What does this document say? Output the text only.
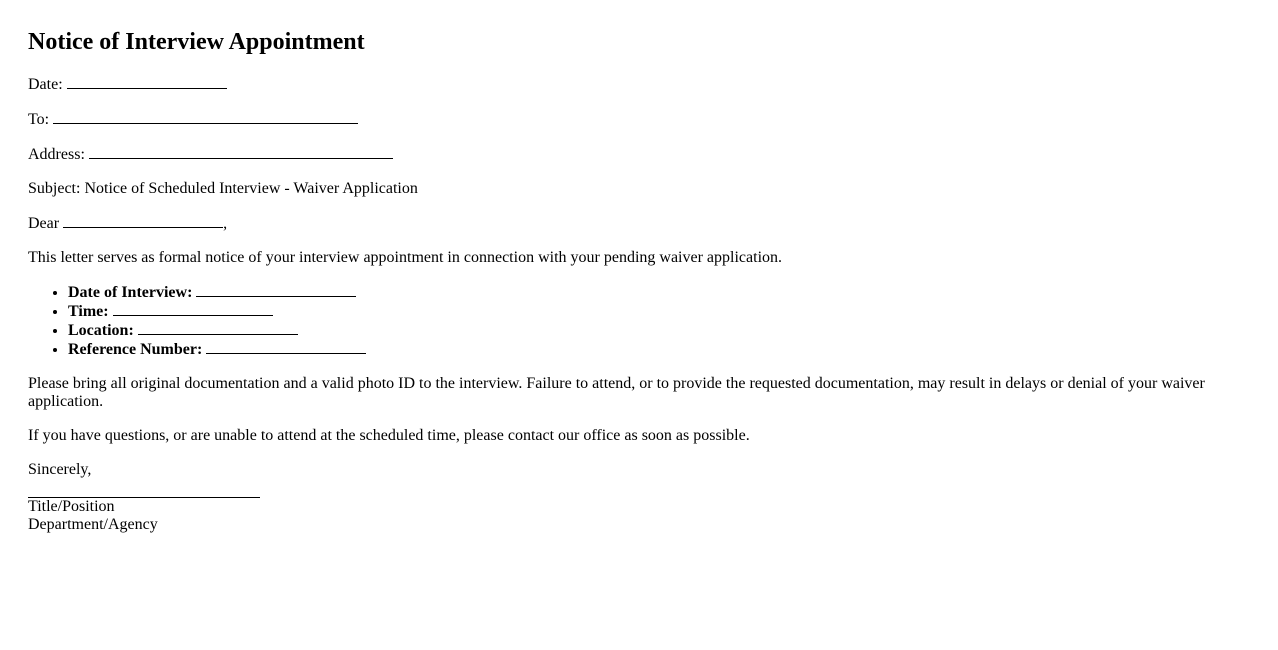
Notice of Interview Appointment

Date:

To:

Address:

Subject: Notice of Scheduled Interview - Waiver Application

Dear	,

This letter serves as formal notice of your interview appointment in connection with your pending waiver application.

• Date of Interview:
• Time:
• Location:
• Reference Number:

Please bring all original documentation and a valid photo ID to the interview. Failure to attend, or to provide the requested documentation, may result in delays or denial of your waiver application.

If you have questions, or are unable to attend at the scheduled time, please contact our office as soon as possible.

Sincerely,

Title/Position
Department/Agency
